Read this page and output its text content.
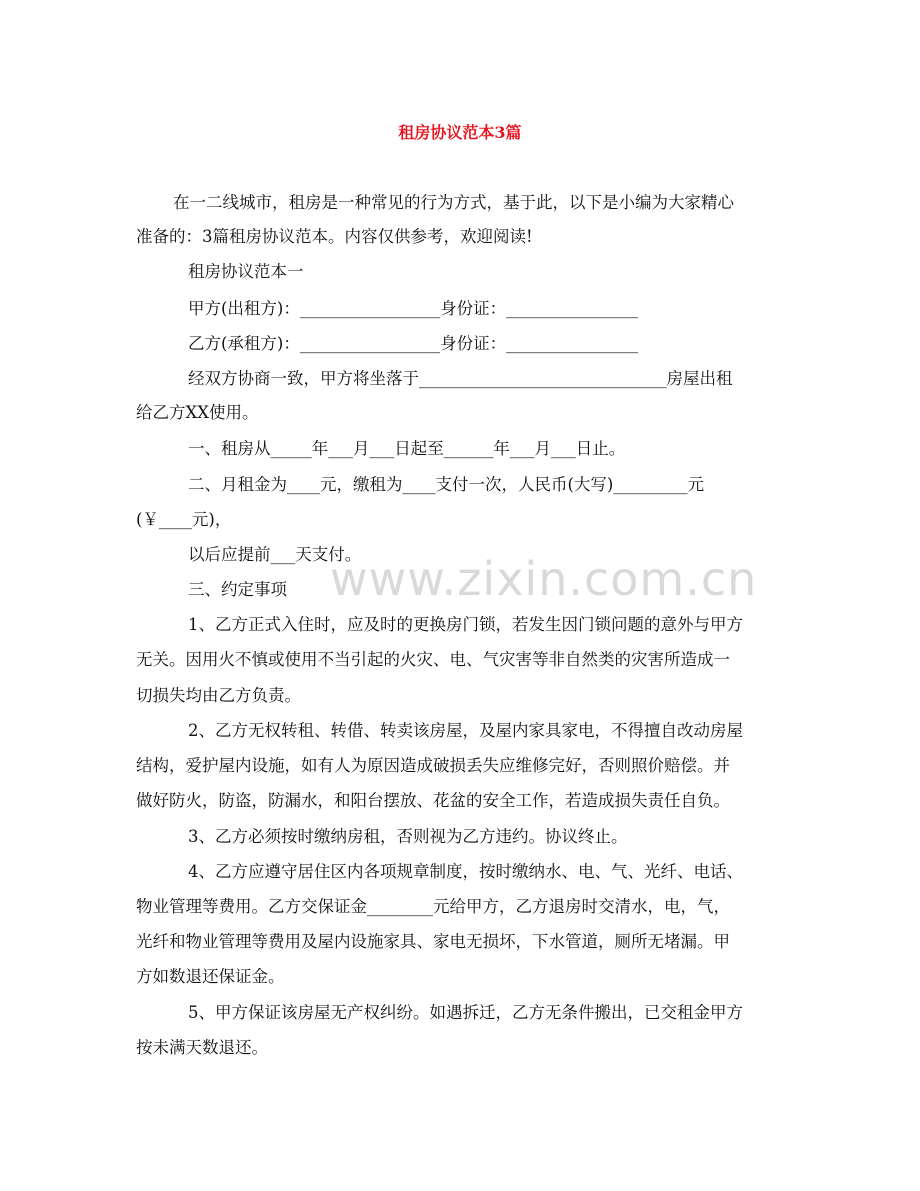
www.zixin.com.cn
租房协议范本3篇
在一二线城市，租房是一种常见的行为方式，基于此，以下是小编为大家精心
准备的：3篇租房协议范本。内容仅供参考，欢迎阅读!
租房协议范本一
甲方(出租方)：_________________身份证：________________
乙方(承租方)：_________________身份证：________________
经双方协商一致，甲方将坐落于______________________________房屋出租
给乙方XX使用。
一、租房从_____年___月___日起至______年___月___日止。
二、月租金为____元，缴租为____支付一次，人民币(大写)_________元
(￥____元)，
以后应提前___天支付。
三、约定事项
1、乙方正式入住时，应及时的更换房门锁，若发生因门锁问题的意外与甲方
无关。因用火不慎或使用不当引起的火灾、电、气灾害等非自然类的灾害所造成一
切损失均由乙方负责。
2、乙方无权转租、转借、转卖该房屋，及屋内家具家电，不得擅自改动房屋
结构，爱护屋内设施，如有人为原因造成破损丢失应维修完好，否则照价赔偿。并
做好防火，防盗，防漏水，和阳台摆放、花盆的安全工作，若造成损失责任自负。
3、乙方必须按时缴纳房租，否则视为乙方违约。协议终止。
4、乙方应遵守居住区内各项规章制度，按时缴纳水、电、气、光纤、电话、
物业管理等费用。乙方交保证金________元给甲方，乙方退房时交清水，电，气，
光纤和物业管理等费用及屋内设施家具、家电无损坏，下水管道，厕所无堵漏。甲
方如数退还保证金。
5、甲方保证该房屋无产权纠纷。如遇拆迁，乙方无条件搬出，已交租金甲方
按未满天数退还。
